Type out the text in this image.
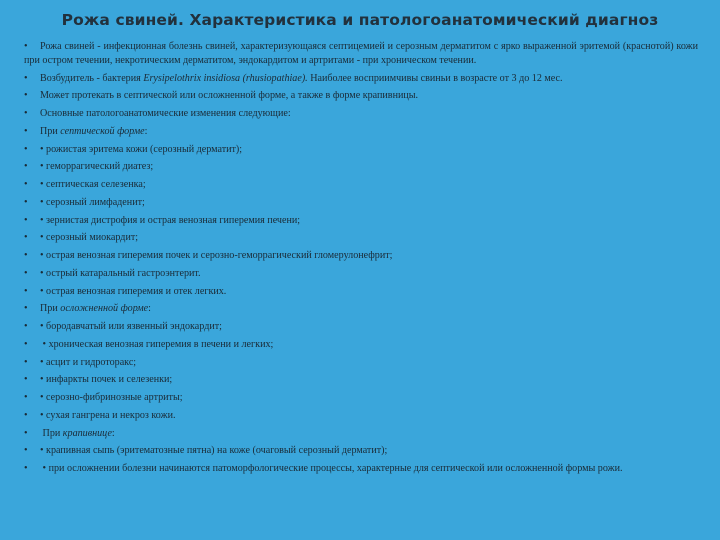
Рожа свиней. Характеристика и патологоанатомический диагноз
• Рожа свиней - инфекционная болезнь свиней, характеризующаяся септицемией и серозным дерматитом с ярко выраженной эритемой (краснотой) кожи при остром течении, некротическим дерматитом, эндокардитом и артритами - при хроническом течении.
• Возбудитель - бактерия Erysipelothrix insidiosa (rhusiopathiae). Наиболее восприимчивы свиньи в возрасте от 3 до 12 мес.
• Может протекать в септической или осложненной форме, а также в форме крапивницы.
• Основные патологоанатомические изменения следующие:
• При септической форме:
• • рожистая эритема кожи (серозный дерматит);
• • геморрагический диатез;
• • септическая селезенка;
• • серозный лимфаденит;
• • зернистая дистрофия и острая венозная гиперемия печени;
• • серозный миокардит;
• • острая венозная гиперемия почек и серозно-геморрагический гломерулонефрит;
• • острый катаральный гастроэнтерит.
• • острая венозная гиперемия и отек легких.
• При осложненной форме:
• • бородавчатый или язвенный эндокардит;
• • хроническая венозная гиперемия в печени и легких;
• • асцит и гидроторакс;
• • инфаркты почек и селезенки;
• • серозно-фибринозные артриты;
• • сухая гангрена и некроз кожи.
• При крапивнице:
• • крапивная сыпь (эритематозные пятна) на коже (очаговый серозный дерматит);
• • при осложнении болезни начинаются патоморфологические процессы, характерные для септической или осложненной формы рожи.
